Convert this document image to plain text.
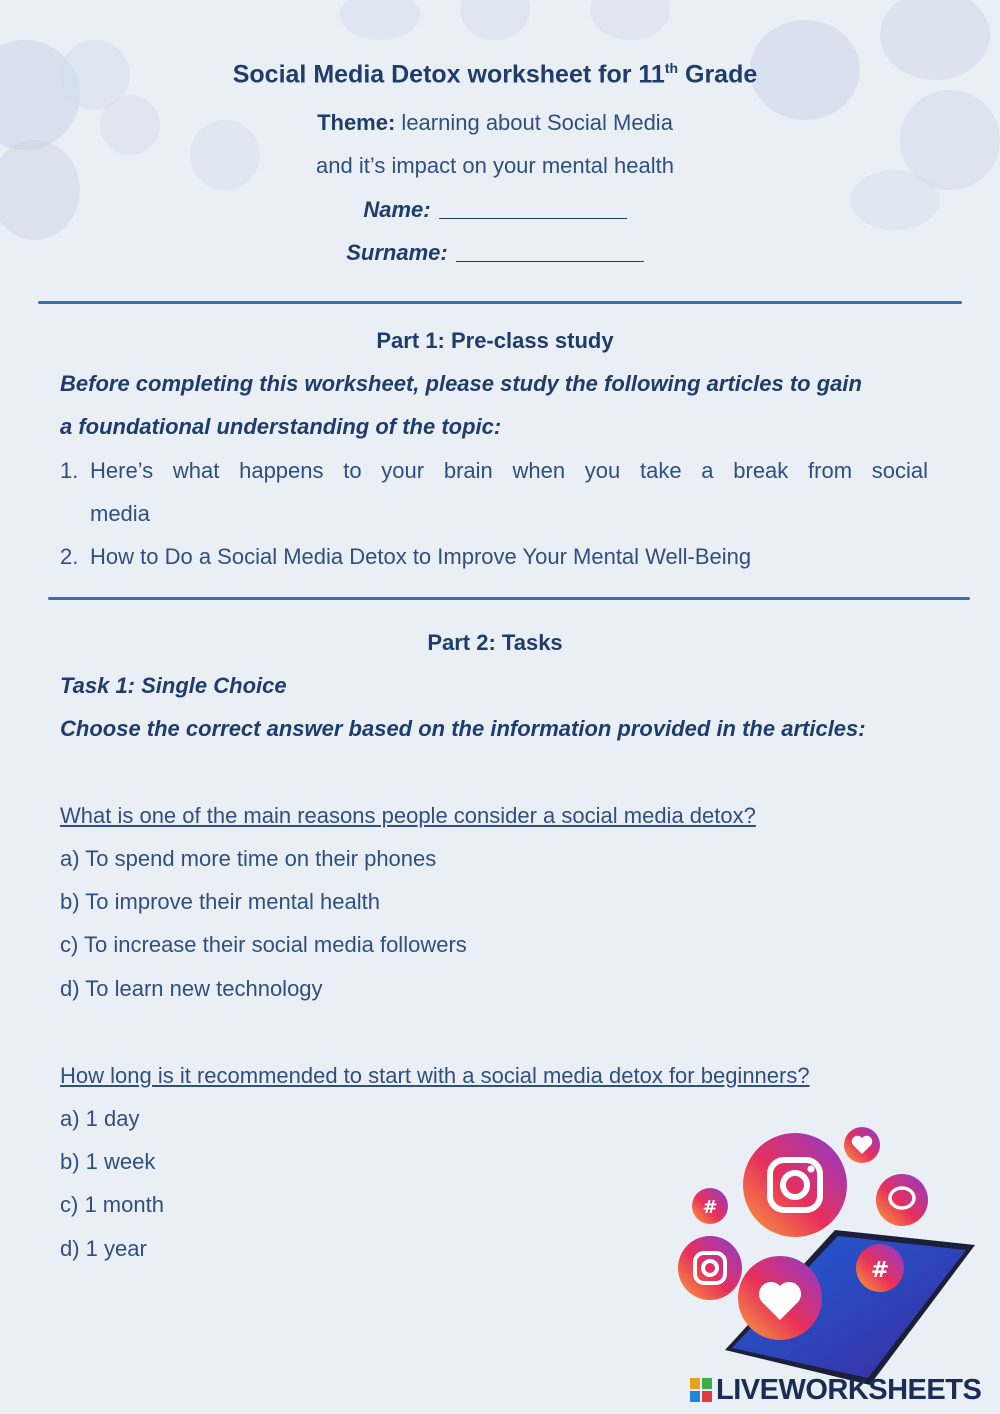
Social Media Detox worksheet for 11th Grade
Theme: learning about Social Media
and it’s impact on your mental health
Name:
Surname:
Part 1: Pre-class study
Before completing this worksheet, please study the following articles to gain
a foundational understanding of the topic:
1. Here’s what happens to your brain when you take a break from social
media
2. How to Do a Social Media Detox to Improve Your Mental Well-Being
Part 2: Tasks
Task 1: Single Choice
Choose the correct answer based on the information provided in the articles:
What is one of the main reasons people consider a social media detox?
a) To spend more time on their phones
b) To improve their mental health
c) To increase their social media followers
d) To learn new technology
How long is it recommended to start with a social media detox for beginners?
a) 1 day
b) 1 week
c) 1 month
d) 1 year
#
#
LIVEWORKSHEETS
